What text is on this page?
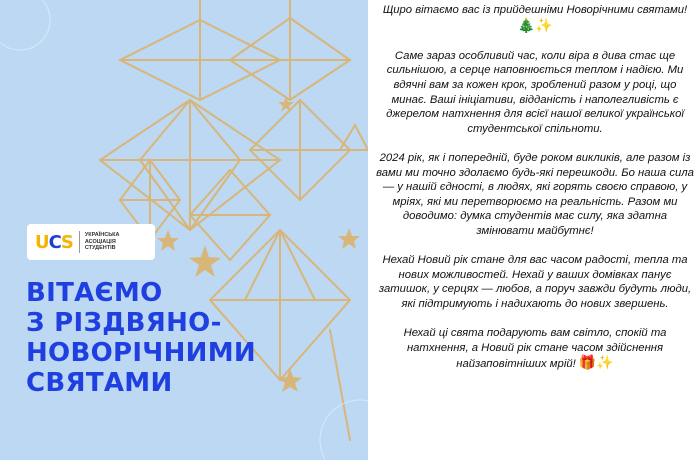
U C S УКРАЇНСЬКА
АСОЦІАЦІЯ
СТУДЕНТІВ
ВІТАЄМО
З РІЗДВЯНО-
НОВОРІЧНИМИ
СВЯТАМИ

Щиро вітаємо вас із прийдешніми Новорічними святами! 🎄✨

Саме зараз особливий час, коли віра в дива стає ще сильнішою, а серце наповнюється теплом і надією. Ми вдячні вам за кожен крок, зроблений разом у році, що минає. Ваші ініціативи, відданість і наполегливість є джерелом натхнення для всієї нашої великої української студентської спільноти.

2024 рік, як і попередній, буде роком викликів, але разом із вами ми точно здолаємо будь-які перешкоди. Бо наша сила — у нашій єдності, в людях, які горять своєю справою, у мріях, які ми перетворюємо на реальність. Разом ми доводимо: думка студентів має силу, яка здатна змінювати майбутнє!

Нехай Новий рік стане для вас часом радості, тепла та нових можливостей. Нехай у ваших домівках панує затишок, у серцях — любов, а поруч завжди будуть люди, які підтримують і надихають до нових звершень.

Нехай ці свята подарують вам світло, спокій та натхнення, а Новий рік стане часом здійснення найзаповітніших мрій! 🎁✨
